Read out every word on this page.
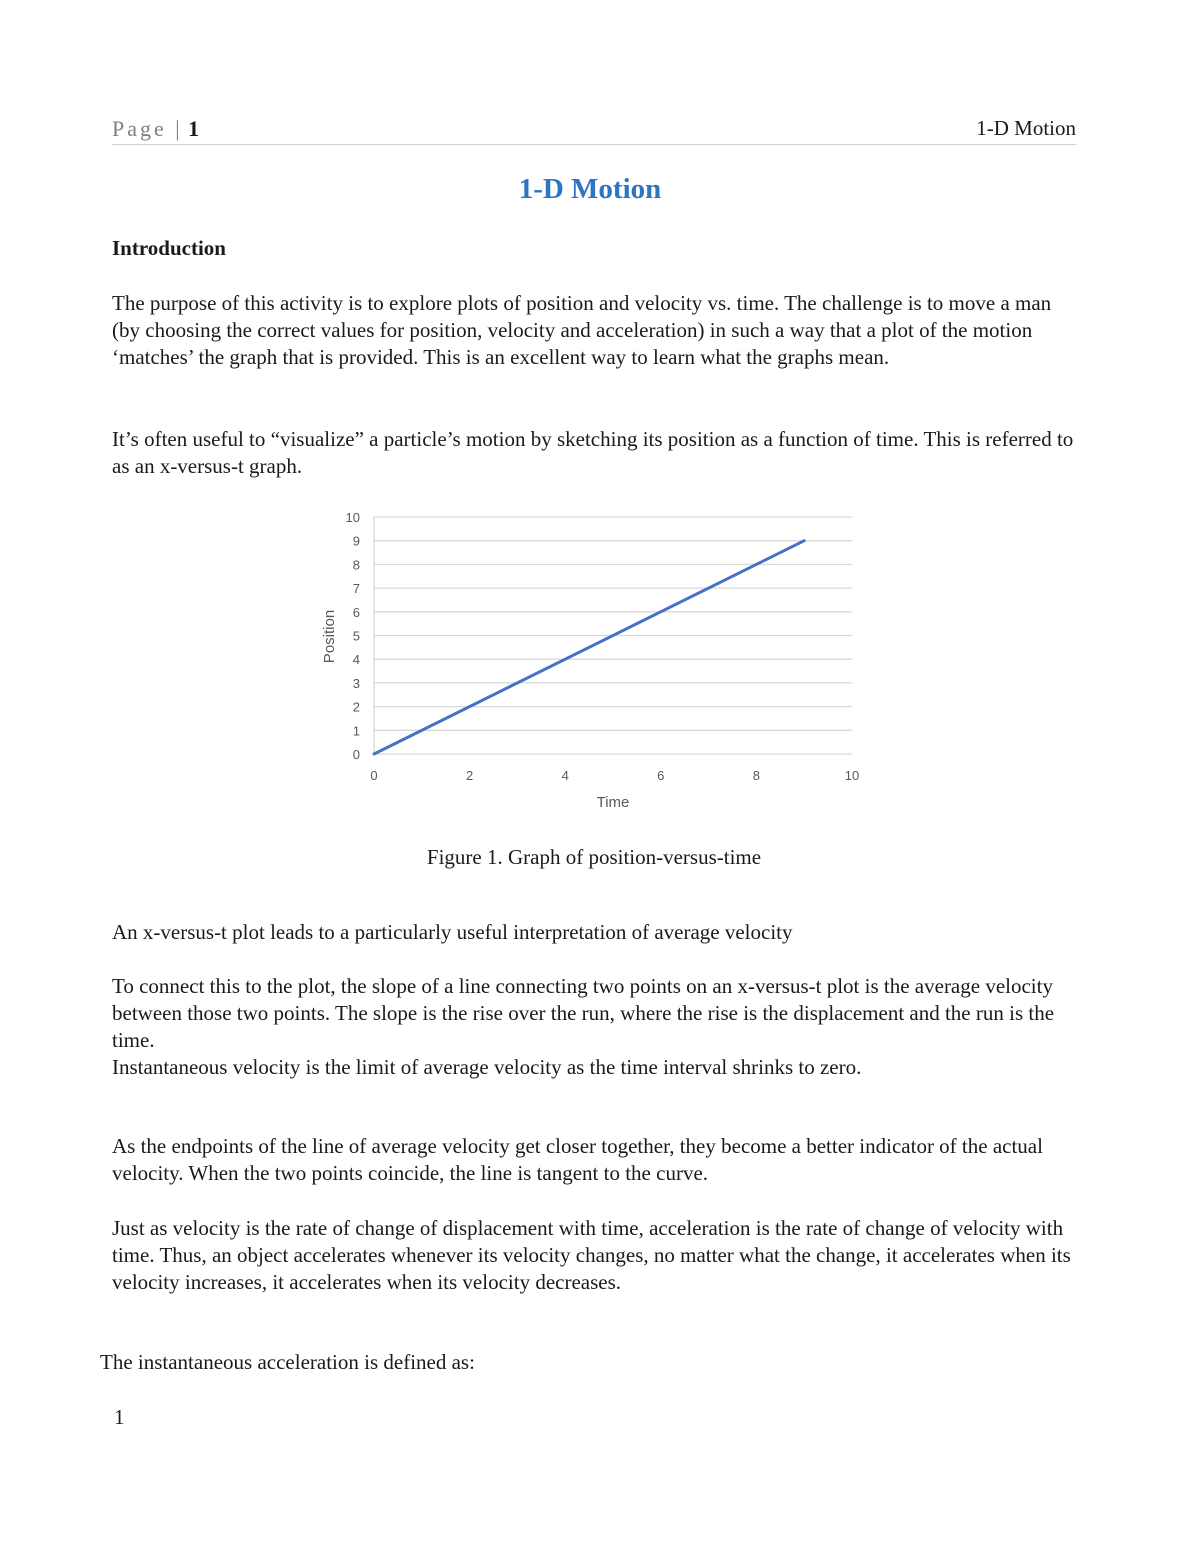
Page | 1	1-D Motion
1-D Motion
Introduction

The purpose of this activity is to explore plots of position and velocity vs. time. The challenge is to move a man (by choosing the correct values for position, velocity and acceleration) in such a way that a plot of the motion ‘matches’ the graph that is provided. This is an excellent way to learn what the graphs mean.

It’s often useful to “visualize” a particle’s motion by sketching its position as a function of time. This is referred to as an x-versus-t graph.

0
1
2
3
4
5
6
7
8
9
10
0	2	4	6	8	10
Time
Position
Figure 1. Graph of position-versus-time

An x-versus-t plot leads to a particularly useful interpretation of average velocity

To connect this to the plot, the slope of a line connecting two points on an x-versus-t plot is the average velocity between those two points. The slope is the rise over the run, where the rise is the displacement and the run is the time.

Instantaneous velocity is the limit of average velocity as the time interval shrinks to zero.

As the endpoints of the line of average velocity get closer together, they become a better indicator of the actual velocity. When the two points coincide, the line is tangent to the curve.

Just as velocity is the rate of change of displacement with time, acceleration is the rate of change of velocity with time. Thus, an object accelerates whenever its velocity changes, no matter what the change, it accelerates when its velocity increases, it accelerates when its velocity decreases.

The instantaneous acceleration is defined as:

1
